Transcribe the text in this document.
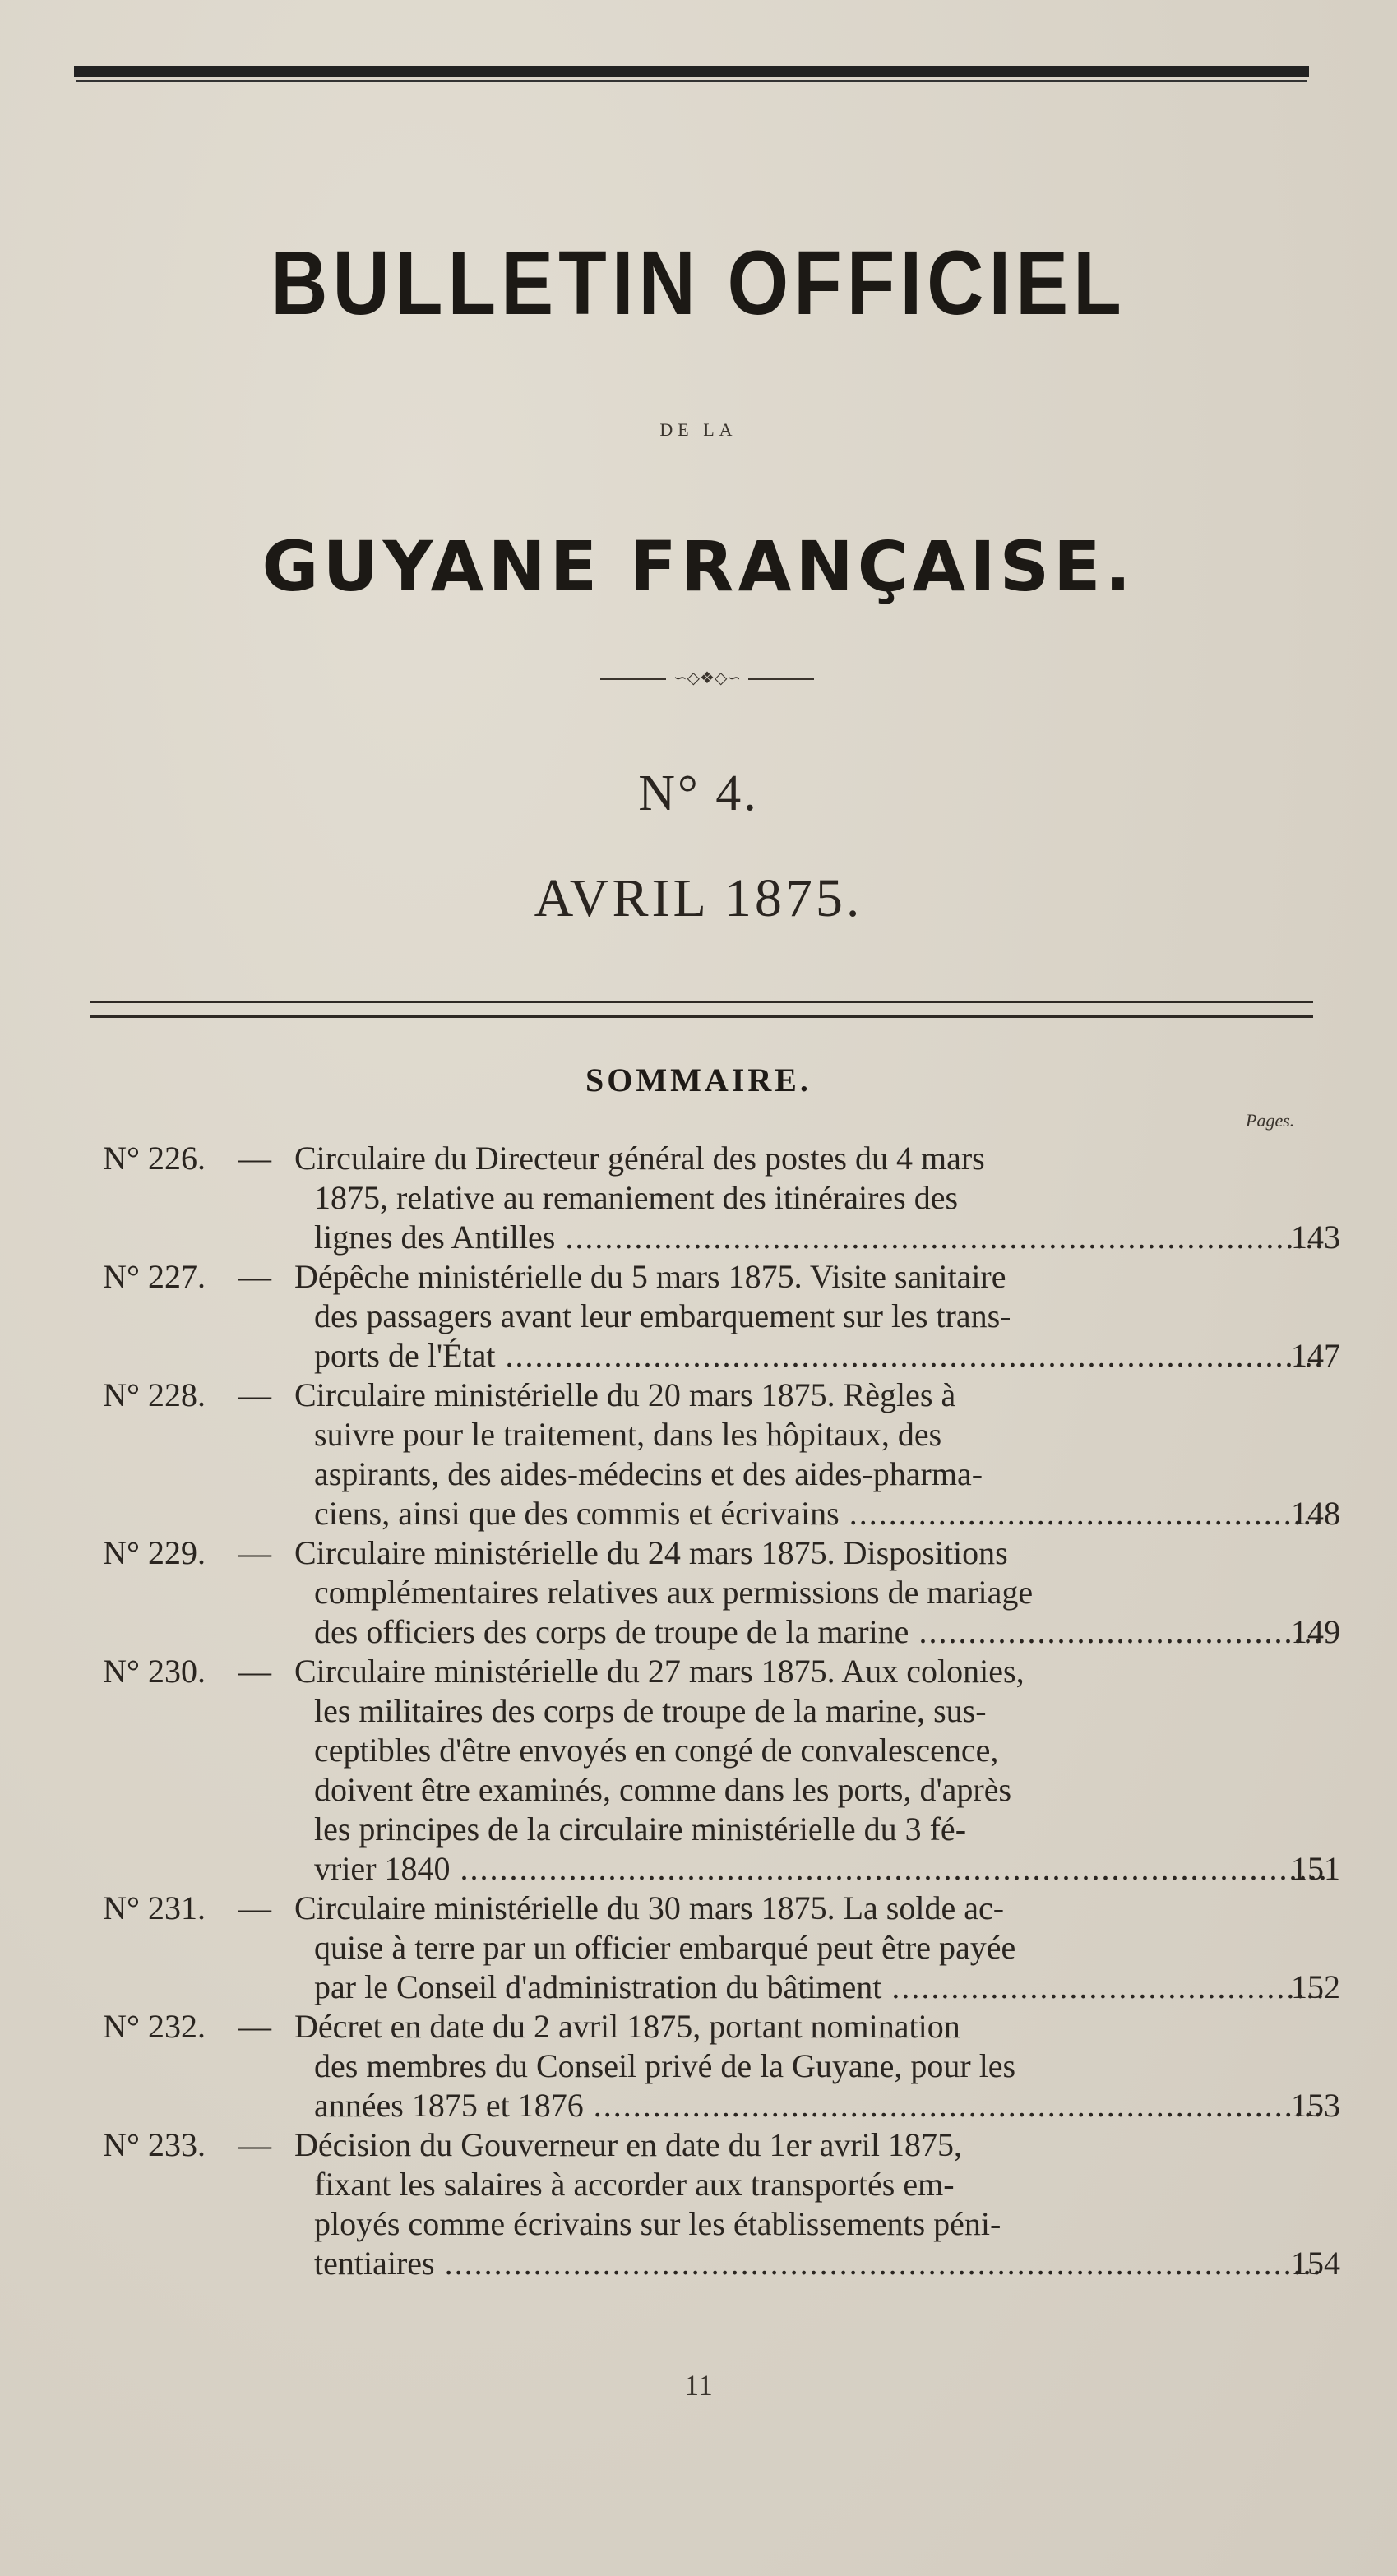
BULLETIN OFFICIEL
DE LA
GUYANE FRANÇAISE.
∽◇❖◇∽
N° 4.
AVRIL 1875.
SOMMAIRE.
Pages.
N° 226. — Circulaire du Directeur général des postes du 4 mars
1875, relative au remaniement des itinéraires des
lignes des Antilles .....	143
N° 227. — Dépêche ministérielle du 5 mars 1875. Visite sanitaire
des passagers avant leur embarquement sur les trans-
ports de l'État .....	147
N° 228. — Circulaire ministérielle du 20 mars 1875. Règles à
suivre pour le traitement, dans les hôpitaux, des
aspirants, des aides-médecins et des aides-pharma-
ciens, ainsi que des commis et écrivains .....	148
N° 229. — Circulaire ministérielle du 24 mars 1875. Dispositions
complémentaires relatives aux permissions de mariage
des officiers des corps de troupe de la marine .....	149
N° 230. — Circulaire ministérielle du 27 mars 1875. Aux colonies,
les militaires des corps de troupe de la marine, sus-
ceptibles d'être envoyés en congé de convalescence,
doivent être examinés, comme dans les ports, d'après
les principes de la circulaire ministérielle du 3 fé-
vrier 1840 .....	151
N° 231. — Circulaire ministérielle du 30 mars 1875. La solde ac-
quise à terre par un officier embarqué peut être payée
par le Conseil d'administration du bâtiment .....	152
N° 232. — Décret en date du 2 avril 1875, portant nomination
des membres du Conseil privé de la Guyane, pour les
années 1875 et 1876 .....	153
N° 233. — Décision du Gouverneur en date du 1er avril 1875,
fixant les salaires à accorder aux transportés em-
ployés comme écrivains sur les établissements péni-
tentiaires .....	154
11
